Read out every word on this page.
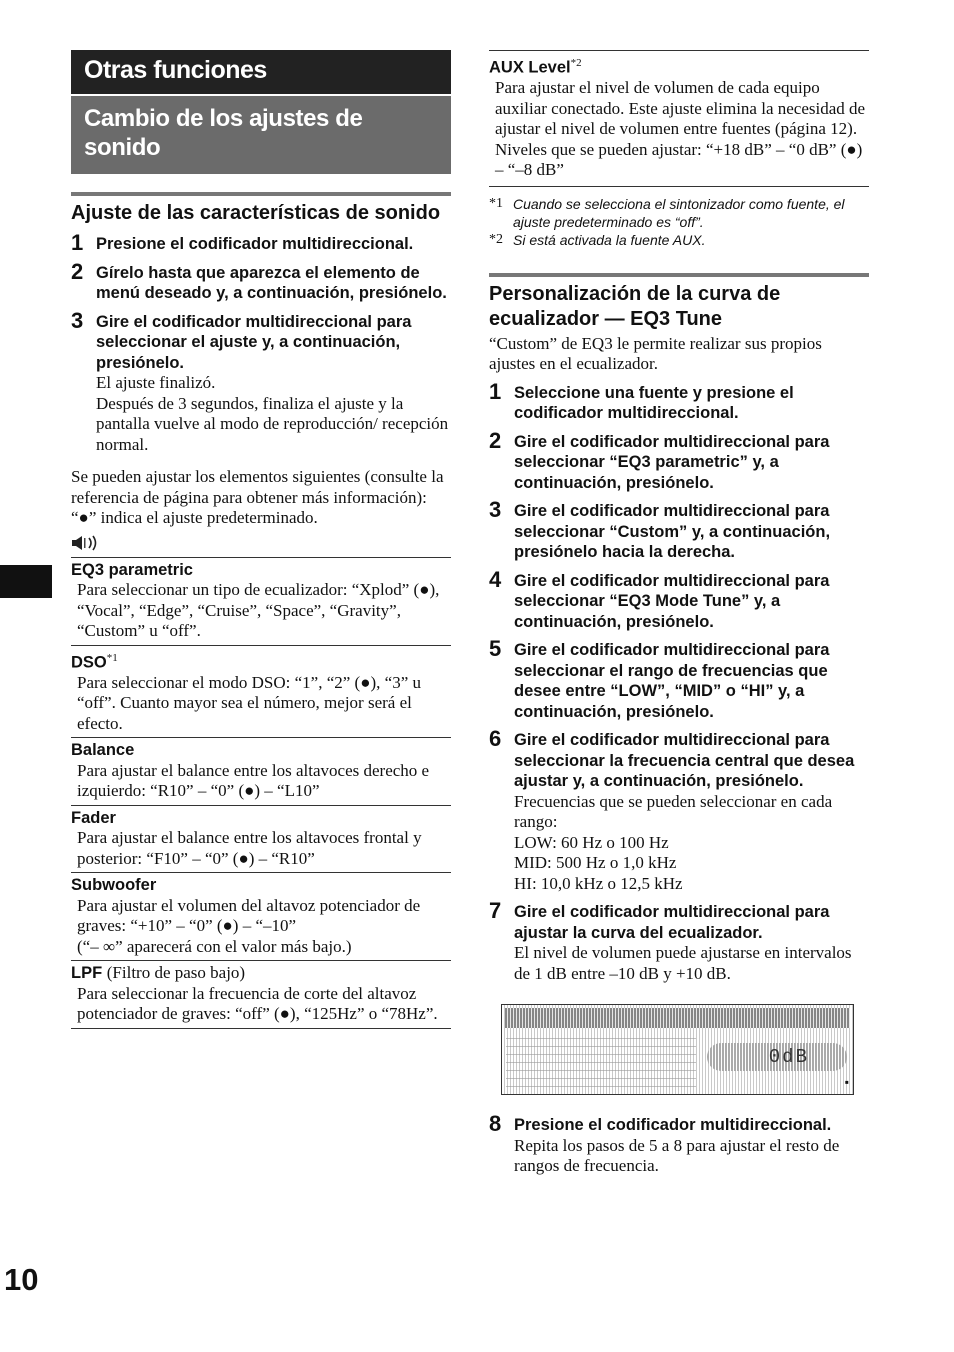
Otras funciones
Cambio de los ajustes de sonido
Ajuste de las características de sonido
1 Presione el codificador multidireccional.
2 Gírelo hasta que aparezca el elemento de menú deseado y, a continuación, presiónelo.
3 Gire el codificador multidireccional para seleccionar el ajuste y, a continuación, presiónelo.
El ajuste finalizó.
Después de 3 segundos, finaliza el ajuste y la pantalla vuelve al modo de reproducción/ recepción normal.
Se pueden ajustar los elementos siguientes (consulte la referencia de página para obtener más información):
“●” indica el ajuste predeterminado.
EQ3 parametric
Para seleccionar un tipo de ecualizador: “Xplod” (●), “Vocal”, “Edge”, “Cruise”, “Space”, “Gravity”, “Custom” u “off”.
DSO$^{*1}$
Para seleccionar el modo DSO: “1”, “2” (●), “3” u “off”. Cuanto mayor sea el número, mejor será el efecto.
Balance
Para ajustar el balance entre los altavoces derecho e izquierdo: “R10” – “0” (●) – “L10”
Fader
Para ajustar el balance entre los altavoces frontal y posterior: “F10” – “0” (●) – “R10”
Subwoofer
Para ajustar el volumen del altavoz potenciador de graves: “+10” – “0” (●) – “–10”
(“– ∞” aparecerá con el valor más bajo.)
LPF (Filtro de paso bajo)
Para seleccionar la frecuencia de corte del altavoz potenciador de graves: “off” (●), “125Hz” o “78Hz”.
AUX Level$^{*2}$
Para ajustar el nivel de volumen de cada equipo auxiliar conectado. Este ajuste elimina la necesidad de ajustar el nivel de volumen entre fuentes (página 12).
Niveles que se pueden ajustar: “+18 dB” – “0 dB” (●) – “–8 dB”
*1 Cuando se selecciona el sintonizador como fuente, el ajuste predeterminado es “off”.
*2 Si está activada la fuente AUX.
Personalización de la curva de ecualizador — EQ3 Tune
“Custom” de EQ3 le permite realizar sus propios ajustes en el ecualizador.
1 Seleccione una fuente y presione el codificador multidireccional.
2 Gire el codificador multidireccional para seleccionar “EQ3 parametric” y, a continuación, presiónelo.
3 Gire el codificador multidireccional para seleccionar “Custom” y, a continuación, presiónelo hacia la derecha.
4 Gire el codificador multidireccional para seleccionar “EQ3 Mode Tune” y, a continuación, presiónelo.
5 Gire el codificador multidireccional para seleccionar el rango de frecuencias que desee entre “LOW”, “MID” o “HI” y, a continuación, presiónelo.
6 Gire el codificador multidireccional para seleccionar la frecuencia central que desea ajustar y, a continuación, presiónelo.
Frecuencias que se pueden seleccionar en cada rango:
LOW: 60 Hz o 100 Hz
MID: 500 Hz o 1,0 kHz
HI: 10,0 kHz o 12,5 kHz
7 Gire el codificador multidireccional para ajustar la curva del ecualizador.
El nivel de volumen puede ajustarse en intervalos de 1 dB entre –10 dB y +10 dB.
0dB
▪
8 Presione el codificador multidireccional.
Repita los pasos de 5 a 8 para ajustar el resto de rangos de frecuencia.
10
